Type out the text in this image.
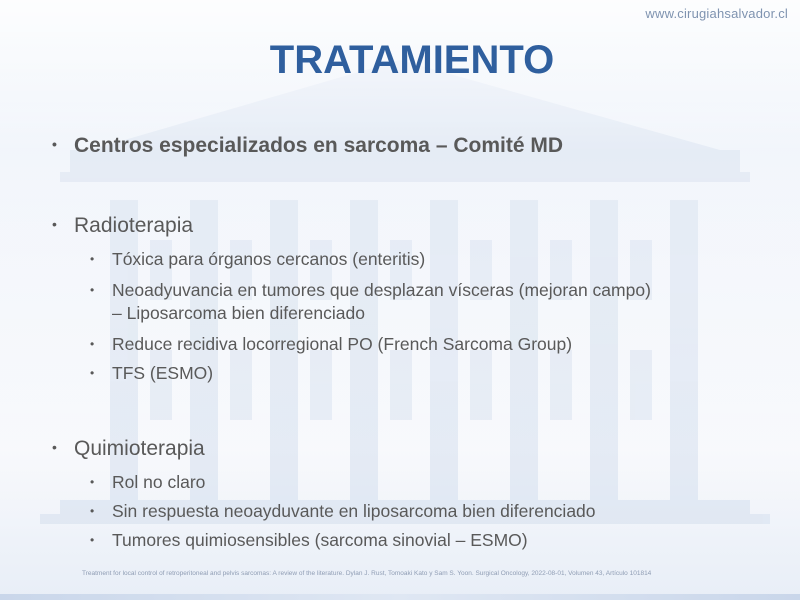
www.cirugiahsalvador.cl
TRATAMIENTO
• Centros especializados en sarcoma – Comité MD
• Radioterapia
• Tóxica para órganos cercanos (enteritis)
• Neoadyuvancia en tumores que desplazan vísceras (mejoran campo)
– Liposarcoma bien diferenciado
• Reduce recidiva locorregional PO (French Sarcoma Group)
• TFS (ESMO)
• Quimioterapia
• Rol no claro
• Sin respuesta neoayduvante en liposarcoma bien diferenciado
• Tumores quimiosensibles (sarcoma sinovial – ESMO)
Treatment for local control of retroperitoneal and pelvis sarcomas: A review of the literature. Dylan J. Rust, Tomoaki Kato y Sam S. Yoon. Surgical Oncology, 2022-08-01, Volumen 43, Artículo 101814
